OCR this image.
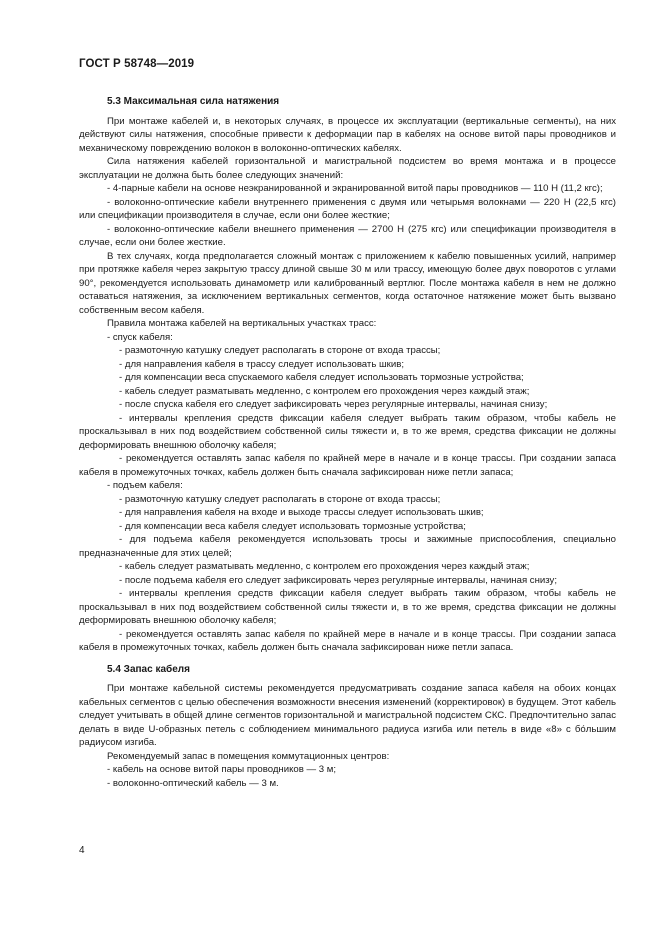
ГОСТ Р 58748—2019

5.3 Максимальная сила натяжения

При монтаже кабелей и, в некоторых случаях, в процессе их эксплуатации (вертикальные сегменты), на них действуют силы натяжения, способные привести к деформации пар в кабелях на основе витой пары проводников и механическому повреждению волокон в волоконно-оптических кабелях.

Сила натяжения кабелей горизонтальной и магистральной подсистем во время монтажа и в процессе эксплуатации не должна быть более следующих значений:

- 4-парные кабели на основе неэкранированной и экранированной витой пары проводников — 110 Н (11,2 кгс);

- волоконно-оптические кабели внутреннего применения с двумя или четырьмя волокнами — 220 Н (22,5 кгс) или спецификации производителя в случае, если они более жесткие;

- волоконно-оптические кабели внешнего применения — 2700 Н (275 кгс) или спецификации производителя в случае, если они более жесткие.

В тех случаях, когда предполагается сложный монтаж с приложением к кабелю повышенных усилий, например при протяжке кабеля через закрытую трассу длиной свыше 30 м или трассу, имеющую более двух поворотов с углами 90°, рекомендуется использовать динамометр или калиброванный вертлюг. После монтажа кабеля в нем не должно оставаться натяжения, за исключением вертикальных сегментов, когда остаточное натяжение может быть вызвано собственным весом кабеля.

Правила монтажа кабелей на вертикальных участках трасс:

- спуск кабеля:

- размоточную катушку следует располагать в стороне от входа трассы;

- для направления кабеля в трассу следует использовать шкив;

- для компенсации веса спускаемого кабеля следует использовать тормозные устройства;

- кабель следует разматывать медленно, с контролем его прохождения через каждый этаж;

- после спуска кабеля его следует зафиксировать через регулярные интервалы, начиная снизу;

- интервалы крепления средств фиксации кабеля следует выбрать таким образом, чтобы кабель не проскальзывал в них под воздействием собственной силы тяжести и, в то же время, средства фиксации не должны деформировать внешнюю оболочку кабеля;

- рекомендуется оставлять запас кабеля по крайней мере в начале и в конце трассы. При создании запаса кабеля в промежуточных точках, кабель должен быть сначала зафиксирован ниже петли запаса;

- подъем кабеля:

- размоточную катушку следует располагать в стороне от входа трассы;

- для направления кабеля на входе и выходе трассы следует использовать шкив;

- для компенсации веса кабеля следует использовать тормозные устройства;

- для подъема кабеля рекомендуется использовать тросы и зажимные приспособления, специально предназначенные для этих целей;

- кабель следует разматывать медленно, с контролем его прохождения через каждый этаж;

- после подъема кабеля его следует зафиксировать через регулярные интервалы, начиная снизу;

- интервалы крепления средств фиксации кабеля следует выбрать таким образом, чтобы кабель не проскальзывал в них под воздействием собственной силы тяжести и, в то же время, средства фиксации не должны деформировать внешнюю оболочку кабеля;

- рекомендуется оставлять запас кабеля по крайней мере в начале и в конце трассы. При создании запаса кабеля в промежуточных точках, кабель должен быть сначала зафиксирован ниже петли запаса.

5.4 Запас кабеля

При монтаже кабельной системы рекомендуется предусматривать создание запаса кабеля на обоих концах кабельных сегментов с целью обеспечения возможности внесения изменений (корректировок) в будущем. Этот кабель следует учитывать в общей длине сегментов горизонтальной и магистральной подсистем СКС. Предпочтительно запас делать в виде U-образных петель с соблюдением минимального радиуса изгиба или петель в виде «8» с бо́льшим радиусом изгиба.

Рекомендуемый запас в помещения коммутационных центров:

- кабель на основе витой пары проводников — 3 м;

- волоконно-оптический кабель — 3 м.

4
